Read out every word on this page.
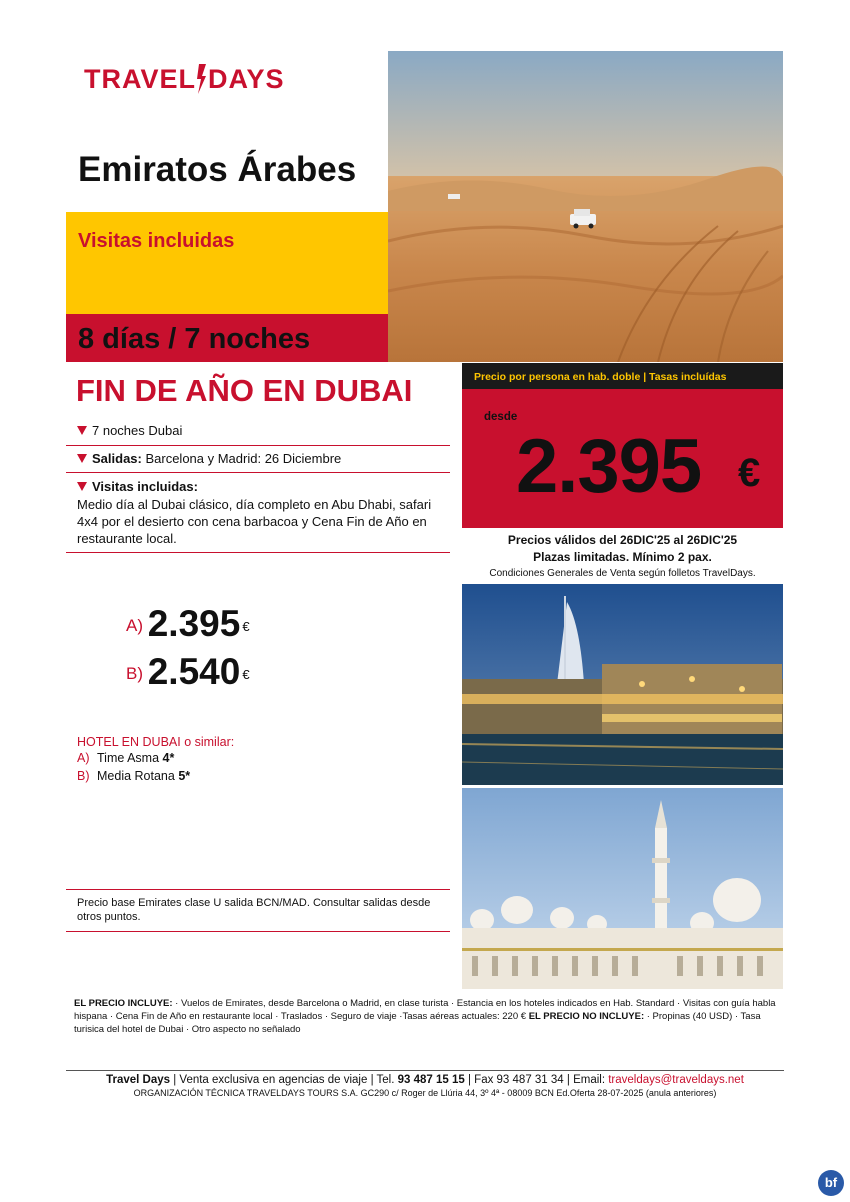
TRAVEL DAYS
Emiratos Árabes
Visitas incluidas
8 días / 7 noches
FIN DE AÑO EN DUBAI
7 noches Dubai
Salidas: Barcelona y Madrid: 26 Diciembre
Visitas incluidas:
Medio día al Dubai clásico, día completo en Abu Dhabi, safari 4x4 por el desierto con cena barbacoa y Cena Fin de Año en restaurante local.
Precio por persona en hab. doble | Tasas incluídas
desde
2.395 €
Precios válidos del 26DIC'25 al 26DIC'25
Plazas limitadas. Mínimo 2 pax.
Condiciones Generales de Venta según folletos TravelDays.
A) 2.395 €
B) 2.540 €
HOTEL EN DUBAI o similar:
A) Time Asma 4*
B) Media Rotana 5*
Precio base Emirates clase U salida BCN/MAD. Consultar salidas desde otros puntos.
EL PRECIO INCLUYE: · Vuelos de Emirates, desde Barcelona o Madrid, en clase turista · Estancia en los hoteles indicados en Hab. Standard · Visitas con guía habla hispana · Cena Fin de Año en restaurante local · Traslados · Seguro de viaje ·Tasas aéreas actuales: 220 € EL PRECIO NO INCLUYE: · Propinas (40 USD) · Tasa turisica del hotel de Dubai · Otro aspecto no señalado
Travel Days | Venta exclusiva en agencias de viaje | Tel. 93 487 15 15 | Fax 93 487 31 34 | Email: traveldays@traveldays.net
ORGANIZACIÓN TÉCNICA TRAVELDAYS TOURS S.A. GC290 c/ Roger de Llúria 44, 3º 4ª - 08009 BCN Ed.Oferta 28-07-2025 (anula anteriores)
bf
